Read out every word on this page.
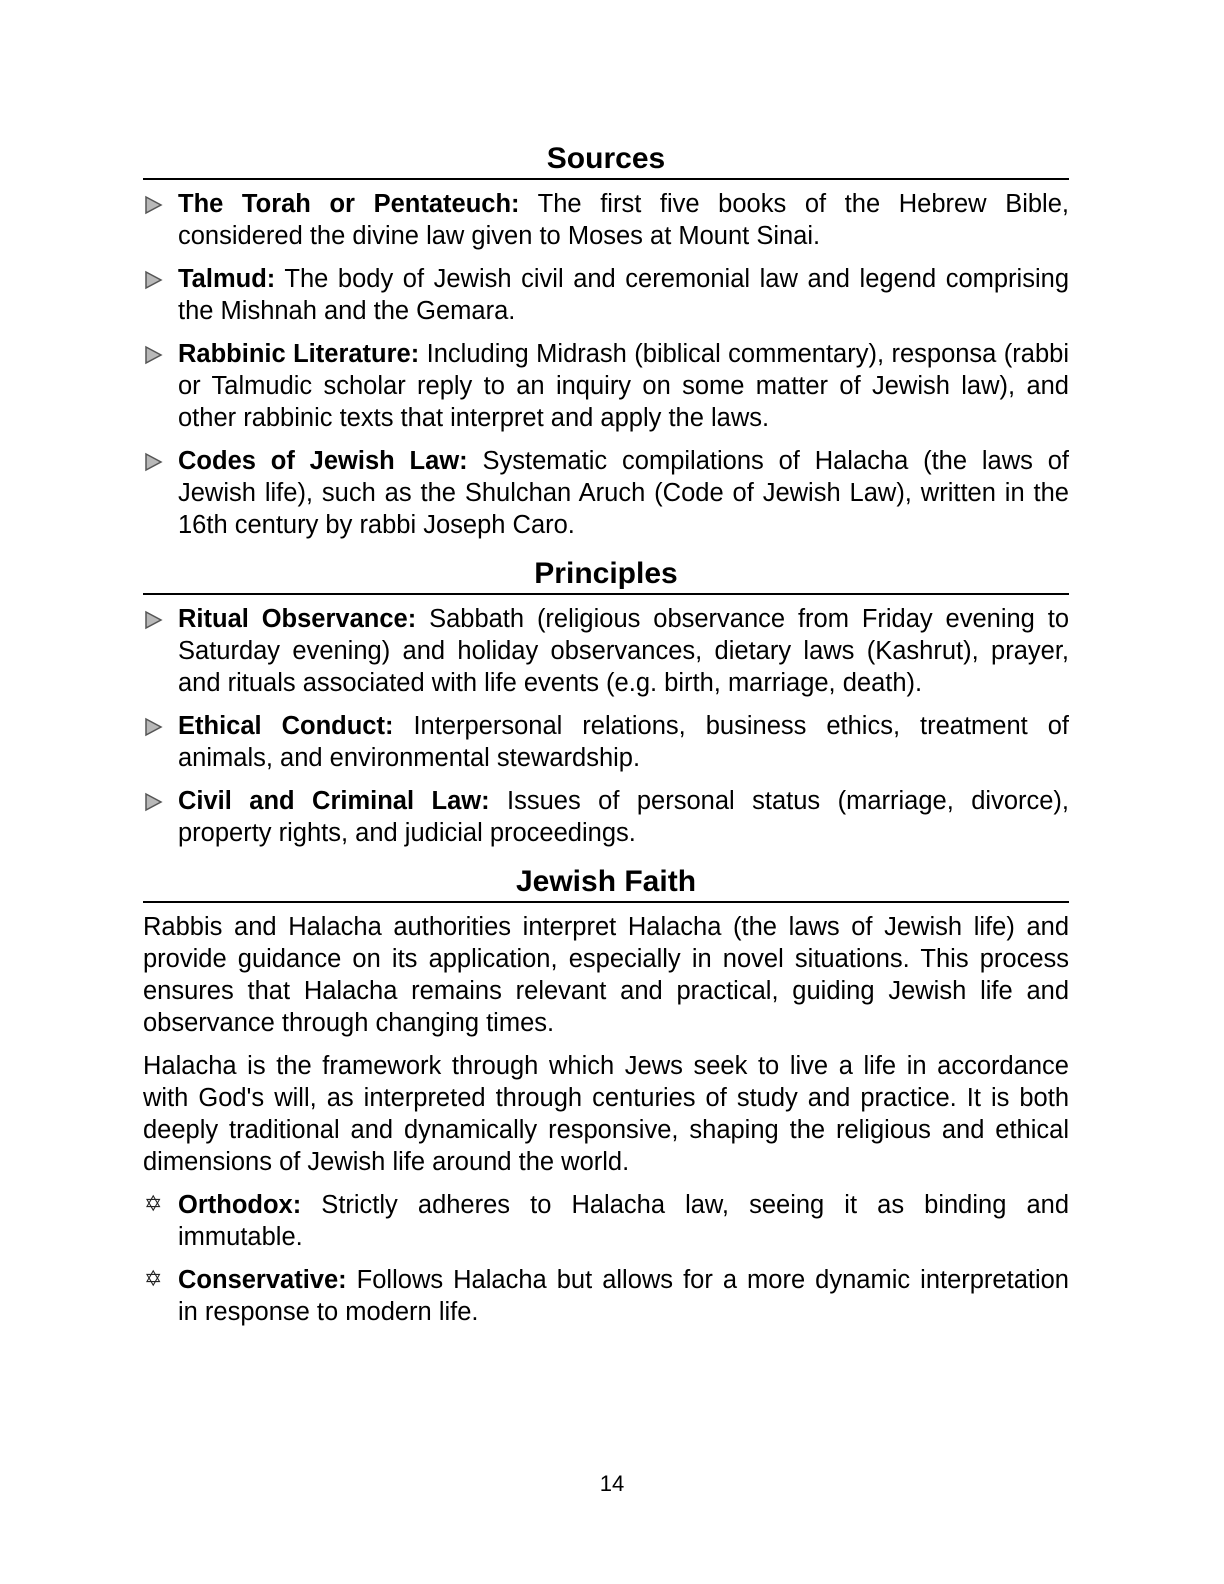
Sources
The Torah or Pentateuch: The first five books of the Hebrew Bible, considered the divine law given to Moses at Mount Sinai.
Talmud: The body of Jewish civil and ceremonial law and legend comprising the Mishnah and the Gemara.
Rabbinic Literature: Including Midrash (biblical commentary), responsa (rabbi or Talmudic scholar reply to an inquiry on some matter of Jewish law), and other rabbinic texts that interpret and apply the laws.
Codes of Jewish Law: Systematic compilations of Halacha (the laws of Jewish life), such as the Shulchan Aruch (Code of Jewish Law), written in the 16th century by rabbi Joseph Caro.
Principles
Ritual Observance: Sabbath (religious observance from Friday evening to Saturday evening) and holiday observances, dietary laws (Kashrut), prayer, and rituals associated with life events (e.g. birth, marriage, death).
Ethical Conduct: Interpersonal relations, business ethics, treatment of animals, and environmental stewardship.
Civil and Criminal Law: Issues of personal status (marriage, divorce), property rights, and judicial proceedings.
Jewish Faith

Rabbis and Halacha authorities interpret Halacha (the laws of Jewish life) and provide guidance on its application, especially in novel situations. This process ensures that Halacha remains relevant and practical, guiding Jewish life and observance through changing times.

Halacha is the framework through which Jews seek to live a life in accordance with God's will, as interpreted through centuries of study and practice. It is both deeply traditional and dynamically responsive, shaping the religious and ethical dimensions of Jewish life around the world.

✡ Orthodox: Strictly adheres to Halacha law, seeing it as binding and immutable.
✡ Conservative: Follows Halacha but allows for a more dynamic interpretation in response to modern life.
14
